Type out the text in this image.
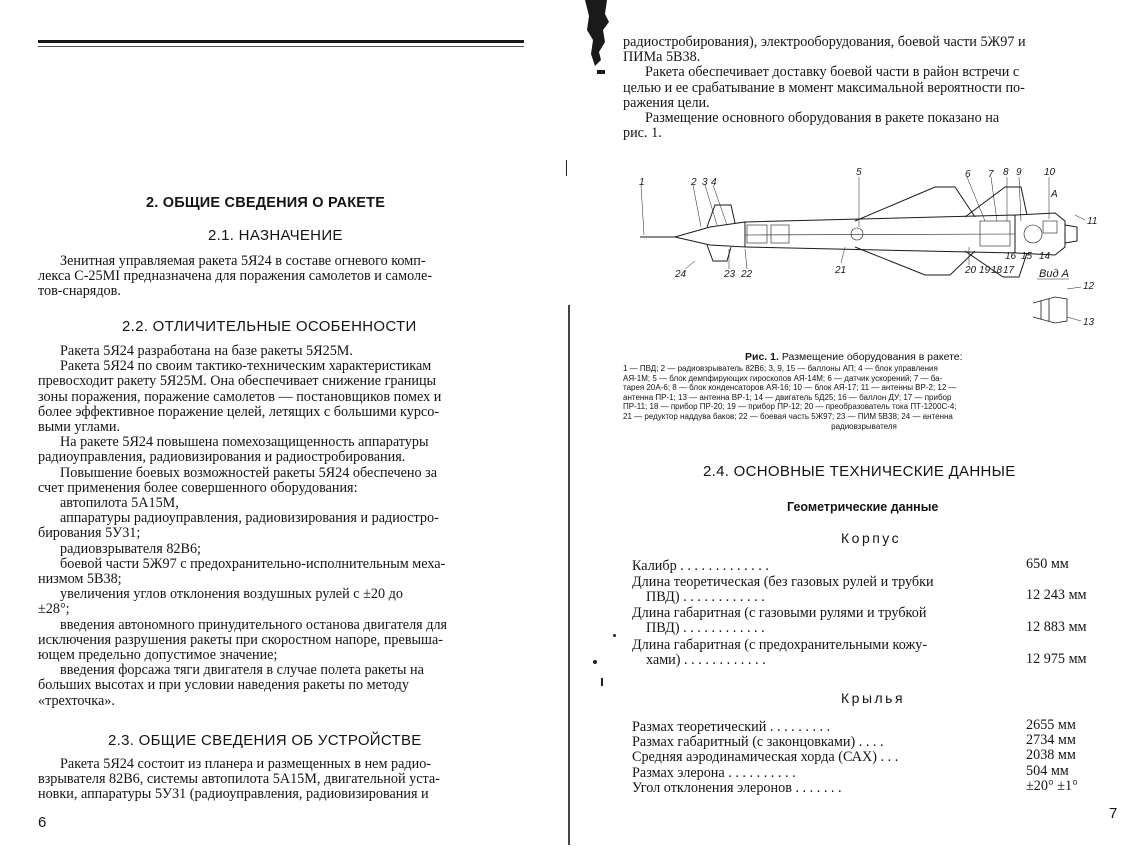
2. ОБЩИЕ СВЕДЕНИЯ О РАКЕТЕ
2.1. НАЗНАЧЕНИЕ
Зенитная управляемая ракета 5Я24 в составе огневого комп-
лекса С-25МI предназначена для поражения самолетов и самоле-
тов-снарядов.
2.2. ОТЛИЧИТЕЛЬНЫЕ ОСОБЕННОСТИ
Ракета 5Я24 разработана на базе ракеты 5Я25М.
Ракета 5Я24 по своим тактико-техническим характеристикам
превосходит ракету 5Я25М. Она обеспечивает снижение границы
зоны поражения, поражение самолетов — постановщиков помех и
более эффективное поражение целей, летящих с большими курсо-
выми углами.
На ракете 5Я24 повышена помехозащищенность аппаратуры
радиоуправления, радиовизирования и радиостробирования.
Повышение боевых возможностей ракеты 5Я24 обеспечено за
счет применения более совершенного оборудования:
автопилота 5А15М,
аппаратуры радиоуправления, радиовизирования и радиостро-
бирования 5У31;
радиовзрывателя 82В6;
боевой части 5Ж97 с предохранительно-исполнительным меха-
низмом 5В38;
увеличения углов отклонения воздушных рулей с ±20 до
±28°;
введения автономного принудительного останова двигателя для
исключения разрушения ракеты при скоростном напоре, превыша-
ющем предельно допустимое значение;
введения форсажа тяги двигателя в случае полета ракеты на
больших высотах и при условии наведения ракеты по методу
«трехточка».
2.3. ОБЩИЕ СВЕДЕНИЯ ОБ УСТРОЙСТВЕ
Ракета 5Я24 состоит из планера и размещенных в нем радио-
взрывателя 82В6, системы автопилота 5А15М, двигательной уста-
новки, аппаратуры 5У31 (радиоуправления, радиовизирования и
6
радиостробирования), электрооборудования, боевой части 5Ж97 и
ПИМа 5В38.
Ракета обеспечивает доставку боевой части в район встречи с
целью и ее срабатывание в момент максимальной вероятности по-
ражения цели.
Размещение основного оборудования в ракете показано на
рис. 1.
1	2 3 4
5	6 7 8 9 10
11
А
24	23 22	21	20 19 18 17
16 15 14
Вид А
12
13
Рис. 1. Размещение оборудования в ракете:
1 — ПВД; 2 — радиовзрыватель 82В6; 3, 9, 15 — баллоны АП; 4 — блок управления
АЯ-1М; 5 — блок демпфирующих гироскопов АЯ-14М; 6 — датчик ускорений; 7 — ба-
тарея 20А-6; 8 — блок конденсаторов АЯ-16; 10 — блок АЯ-17; 11 — антенны ВР-2; 12 —
антенна ПР-1; 13 — антенна ВР-1; 14 — двигатель 5Д25; 16 — баллон ДУ; 17 — прибор
ПР-11; 18 — прибор ПР-20; 19 — прибор ПР-12; 20 — преобразователь тока ПТ-1200С-4;
21 — редуктор наддува баков; 22 — боевая часть 5Ж97; 23 — ПИМ 5В38; 24 — антенна
радиовзрывателя
2.4. ОСНОВНЫЕ ТЕХНИЧЕСКИЕ ДАННЫЕ
Геометрические данные
Корпус
Калибр . . . . . . . . . . . . .	650 мм
Длина теоретическая (без газовых рулей и трубки
ПВД) . . . . . . . . . . . .	12 243 мм
Длина габаритная (с газовыми рулями и трубкой
ПВД) . . . . . . . . . . . .	12 883 мм
Длина габаритная (с предохранительными кожу-
хами) . . . . . . . . . . . .	12 975 мм
Крылья
Размах теоретический . . . . . . . . .	2655 мм
Размах габаритный (с законцовками) . . . .	2734 мм
Средняя аэродинамическая хорда (САХ) . . .	2038 мм
Размах элерона . . . . . . . . . .	504 мм
Угол отклонения элеронов . . . . . . .	±20° ±1°
7
